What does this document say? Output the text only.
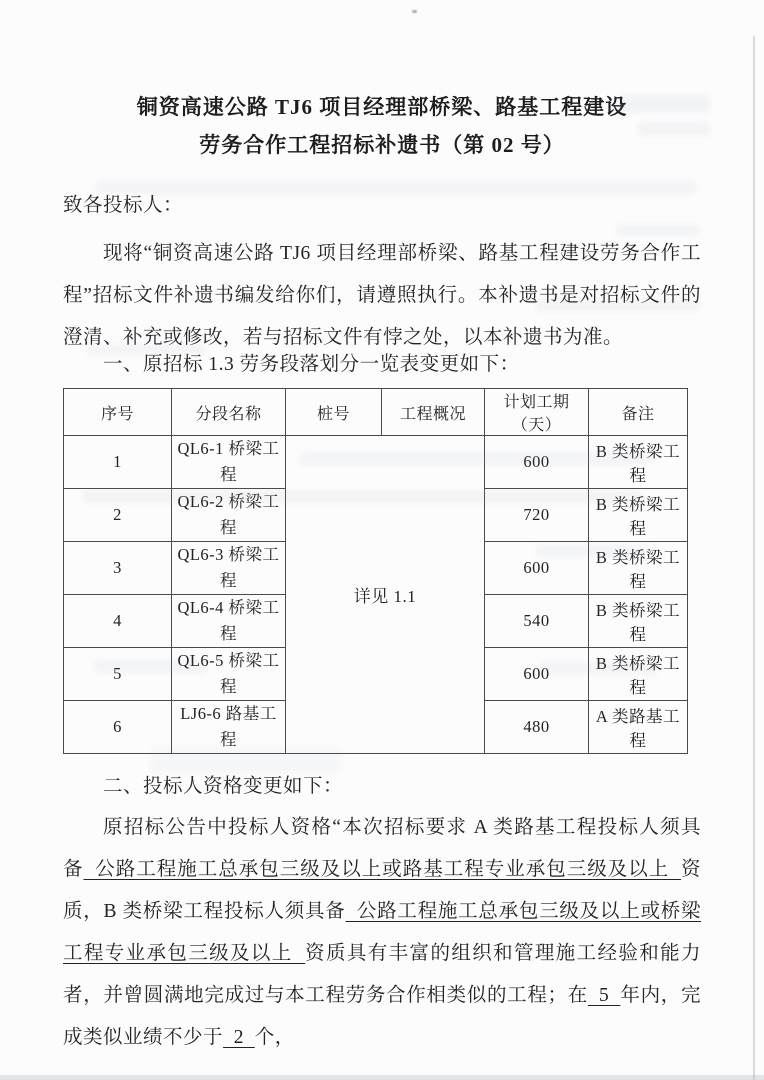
铜资高速公路 TJ6 项目经理部桥梁、路基工程建设
劳务合作工程招标补遗书（第 02 号）
致各投标人：
现将“铜资高速公路 TJ6 项目经理部桥梁、路基工程建设劳务合作工程”招标文件补遗书编发给你们，请遵照执行。本补遗书是对招标文件的澄清、补充或修改，若与招标文件有悖之处，以本补遗书为准。
一、原招标 1.3 劳务段落划分一览表变更如下：
序号	分段名称	桩号	工程概况	计划工期（天）	备注
1	QL6-1 桥梁工程	详见 1.1		600	B 类桥梁工程
2	QL6-2 桥梁工程			720	B 类桥梁工程
3	QL6-3 桥梁工程			600	B 类桥梁工程
4	QL6-4 桥梁工程			540	B 类桥梁工程
5	QL6-5 桥梁工程			600	B 类桥梁工程
6	LJ6-6 路基工程			480	A 类路基工程
二、投标人资格变更如下：
原招标公告中投标人资格“本次招标要求 A 类路基工程投标人须具备  公路工程施工总承包三级及以上或路基工程专业承包三级及以上  资质，B 类桥梁工程投标人须具备  公路工程施工总承包三级及以上或桥梁工程专业承包三级及以上  资质具有丰富的组织和管理施工经验和能力者，并曾圆满地完成过与本工程劳务合作相类似的工程；在  5  年内，完成类似业绩不少于  2  个，
